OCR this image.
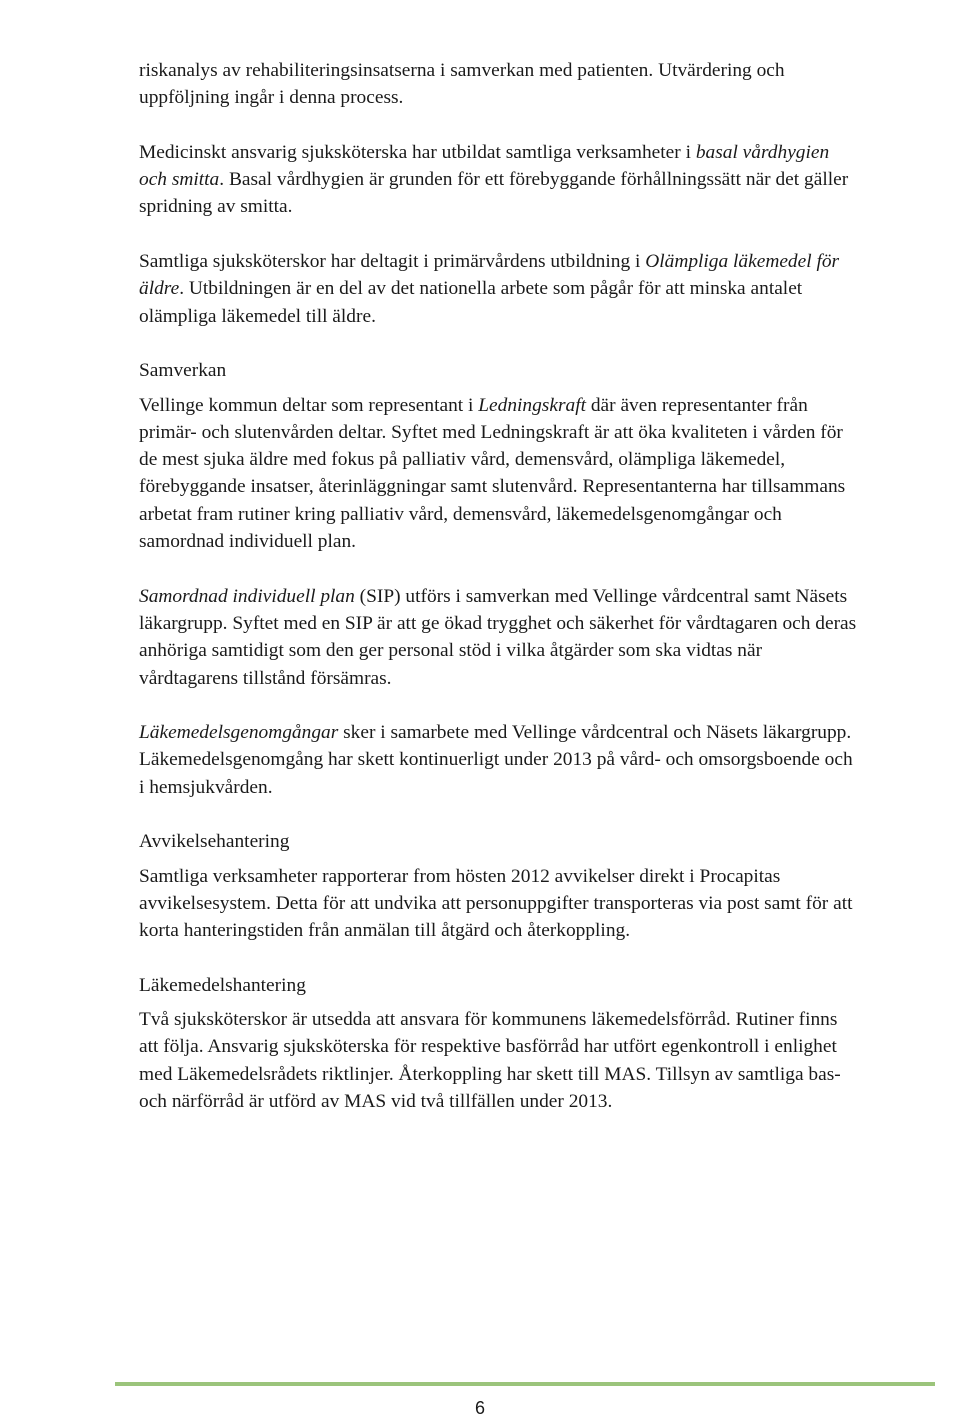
riskanalys av rehabiliteringsinsatserna i samverkan med patienten. Utvärdering och uppföljning ingår i denna process.

Medicinskt ansvarig sjuksköterska har utbildat samtliga verksamheter i basal vårdhygien och smitta. Basal vårdhygien är grunden för ett förebyggande förhållningssätt när det gäller spridning av smitta.

Samtliga sjuksköterskor har deltagit i primärvårdens utbildning i Olämpliga läkemedel för äldre. Utbildningen är en del av det nationella arbete som pågår för att minska antalet olämpliga läkemedel till äldre.

Samverkan

Vellinge kommun deltar som representant i Ledningskraft där även representanter från primär- och slutenvården deltar. Syftet med Ledningskraft är att öka kvaliteten i vården för de mest sjuka äldre med fokus på palliativ vård, demensvård, olämpliga läkemedel, förebyggande insatser, återinläggningar samt slutenvård. Representanterna har tillsammans arbetat fram rutiner kring palliativ vård, demensvård, läkemedelsgenomgångar och samordnad individuell plan.

Samordnad individuell plan (SIP) utförs i samverkan med Vellinge vårdcentral samt Näsets läkargrupp. Syftet med en SIP är att ge ökad trygghet och säkerhet för vårdtagaren och deras anhöriga samtidigt som den ger personal stöd i vilka åtgärder som ska vidtas när vårdtagarens tillstånd försämras.

Läkemedelsgenomgångar sker i samarbete med Vellinge vårdcentral och Näsets läkargrupp. Läkemedelsgenomgång har skett kontinuerligt under 2013 på vård- och omsorgsboende och i hemsjukvården.

Avvikelsehantering

Samtliga verksamheter rapporterar from hösten 2012 avvikelser direkt i Procapitas avvikelsesystem. Detta för att undvika att personuppgifter transporteras via post samt för att korta hanteringstiden från anmälan till åtgärd och återkoppling.

Läkemedelshantering

Två sjuksköterskor är utsedda att ansvara för kommunens läkemedelsförråd. Rutiner finns att följa. Ansvarig sjuksköterska för respektive basförråd har utfört egenkontroll i enlighet med Läkemedelsrådets riktlinjer. Återkoppling har skett till MAS. Tillsyn av samtliga bas- och närförråd är utförd av MAS vid två tillfällen under 2013.

6
